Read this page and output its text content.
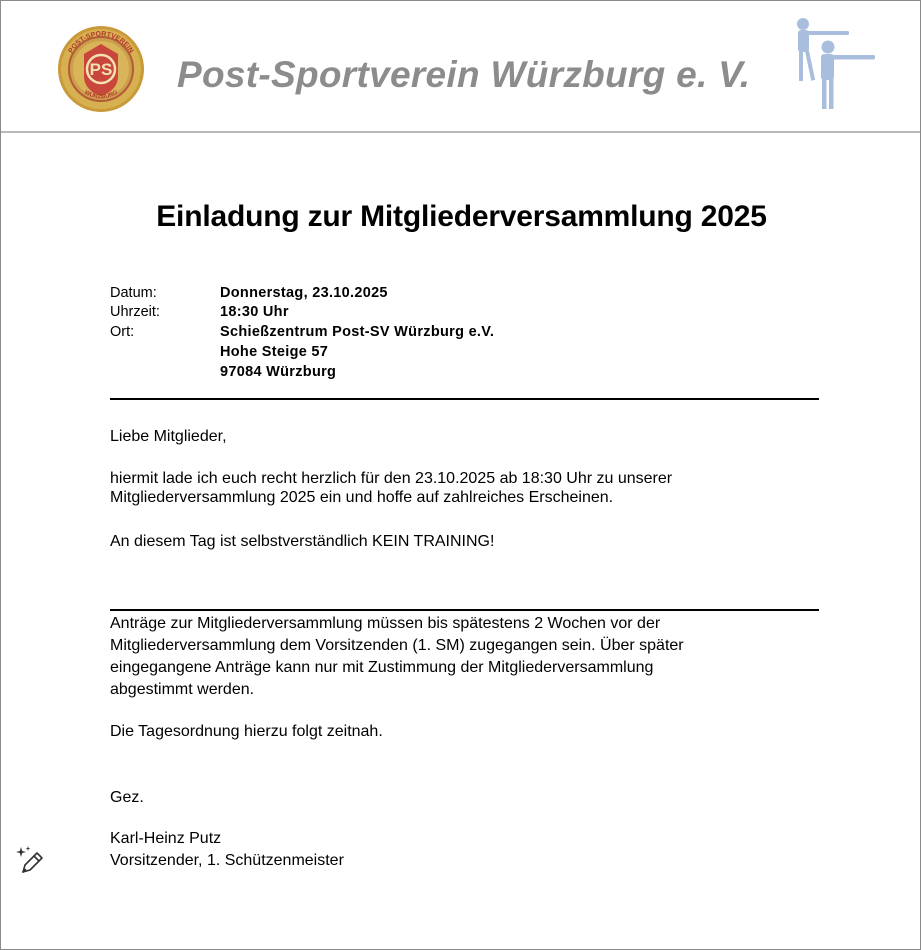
PS
POST-SPORTVEREIN
WÜRZBURG Post-Sportverein Würzburg e. V.
Einladung zur Mitgliederversammlung 2025
Datum:	Donnerstag, 23.10.2025
Uhrzeit:	18:30 Uhr
Ort:	Schießzentrum Post-SV Würzburg e.V.
Hohe Steige 57
97084 Würzburg
Liebe Mitglieder,
hiermit lade ich euch recht herzlich für den 23.10.2025 ab 18:30 Uhr zu unserer
Mitgliederversammlung 2025 ein und hoffe auf zahlreiches Erscheinen.
An diesem Tag ist selbstverständlich KEIN TRAINING!
Anträge zur Mitgliederversammlung müssen bis spätestens 2 Wochen vor der
Mitgliederversammlung dem Vorsitzenden (1. SM) zugegangen sein. Über später
eingegangene Anträge kann nur mit Zustimmung der Mitgliederversammlung
abgestimmt werden.
Die Tagesordnung hierzu folgt zeitnah.
Gez.
Karl-Heinz Putz
Vorsitzender, 1. Schützenmeister
